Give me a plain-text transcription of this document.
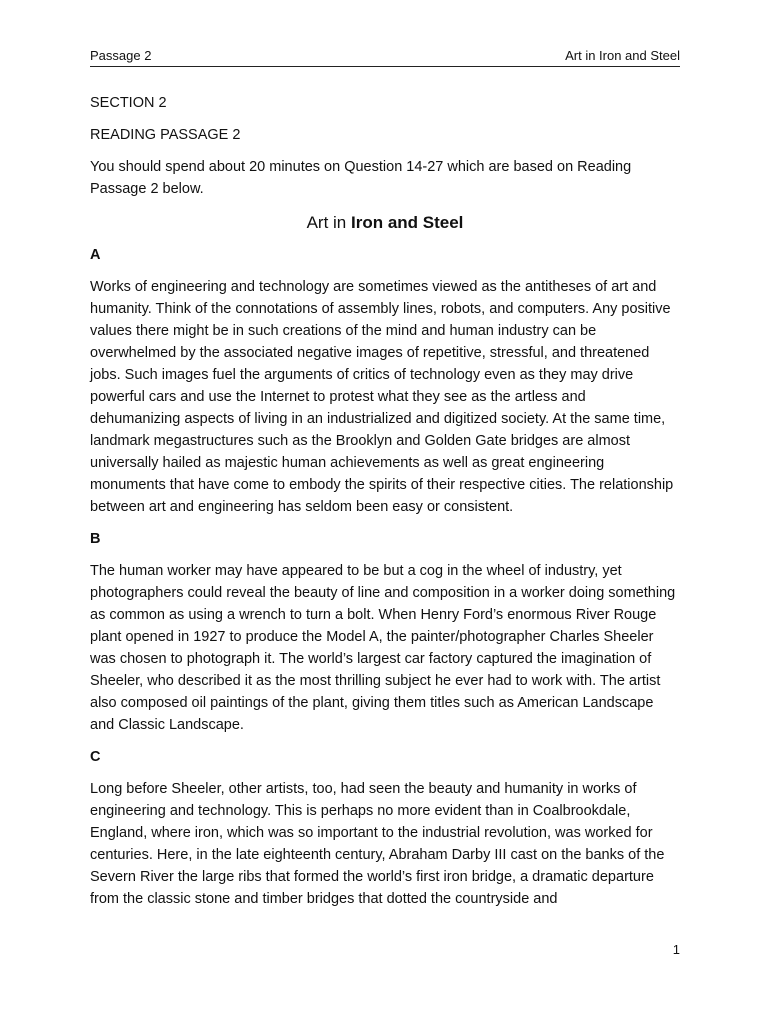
Passage 2	Art in Iron and Steel

SECTION 2

READING PASSAGE 2

You should spend about 20 minutes on Question 14-27 which are based on Reading Passage 2 below.

Art in Iron and Steel

A

Works of engineering and technology are sometimes viewed as the antitheses of art and humanity. Think of the connotations of assembly lines, robots, and computers. Any positive values there might be in such creations of the mind and human industry can be overwhelmed by the associated negative images of repetitive, stressful, and threatened jobs. Such images fuel the arguments of critics of technology even as they may drive powerful cars and use the Internet to protest what they see as the artless and dehumanizing aspects of living in an industrialized and digitized society. At the same time, landmark megastructures such as the Brooklyn and Golden Gate bridges are almost universally hailed as majestic human achievements as well as great engineering monuments that have come to embody the spirits of their respective cities. The relationship between art and engineering has seldom been easy or consistent.

B

The human worker may have appeared to be but a cog in the wheel of industry, yet photographers could reveal the beauty of line and composition in a worker doing something as common as using a wrench to turn a bolt. When Henry Ford’s enormous River Rouge plant opened in 1927 to produce the Model A, the painter/photographer Charles Sheeler was chosen to photograph it. The world’s largest car factory captured the imagination of Sheeler, who described it as the most thrilling subject he ever had to work with. The artist also composed oil paintings of the plant, giving them titles such as American Landscape and Classic Landscape.

C

Long before Sheeler, other artists, too, had seen the beauty and humanity in works of engineering and technology. This is perhaps no more evident than in Coalbrookdale, England, where iron, which was so important to the industrial revolution, was worked for centuries. Here, in the late eighteenth century, Abraham Darby III cast on the banks of the Severn River the large ribs that formed the world’s first iron bridge, a dramatic departure from the classic stone and timber bridges that dotted the countryside and

1
